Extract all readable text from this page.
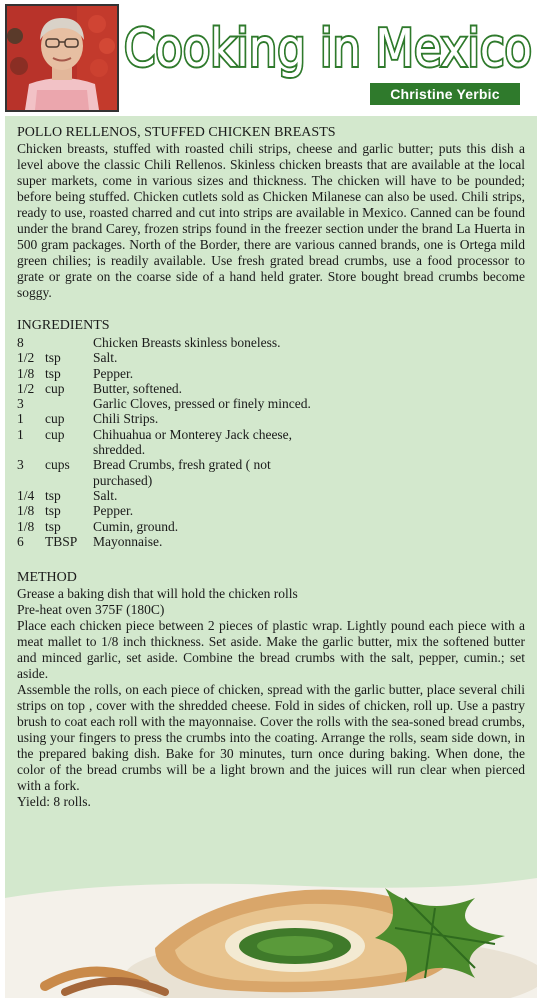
Cooking in Mexico
Cooking in Mexico
Christine Yerbic
POLLO RELLENOS, STUFFED CHICKEN BREASTS

Chicken breasts, stuffed with roasted chili strips, cheese and garlic butter; puts this dish a level above the classic Chili Rellenos. Skinless chicken breasts that are available at the local super markets, come in various sizes and thickness. The chicken will have to be pounded; before being stuffed. Chicken cutlets sold as Chicken Milanese can also be used. Chili strips, ready to use, roasted charred and cut into strips are available in Mexico. Canned can be found under the brand Carey, frozen strips found in the freezer section under the brand La Huerta in 500 gram packages. North of the Border, there are various canned brands, one is Ortega mild green chilies; is readily available. Use fresh grated bread crumbs, use a food processor to grate or grate on the coarse side of a hand held grater. Store bought bread crumbs become soggy.

INGREDIENTS
8		Chicken Breasts skinless boneless.
1/2	tsp	Salt.
1/8	tsp	Pepper.
1/2	cup	Butter, softened.
3		Garlic Cloves, pressed or finely minced.
1	cup	Chili Strips.
1	cup	Chihuahua or Monterey Jack cheese, shredded.
3	cups	Bread Crumbs, fresh grated ( not purchased)
1/4	tsp	Salt.
1/8	tsp	Pepper.
1/8	tsp	Cumin, ground.
6	TBSP	Mayonnaise.
METHOD

Grease a baking dish that will hold the chicken rolls

Pre-heat oven 375F (180C)

Place each chicken piece between 2 pieces of plastic wrap. Lightly pound each piece with a meat mallet to 1/8 inch thickness. Set aside. Make the garlic butter, mix the softened butter and minced garlic, set aside. Combine the bread crumbs with the salt, pepper, cumin.; set aside.

Assemble the rolls, on each piece of chicken, spread with the garlic butter, place several chili strips on top , cover with the shredded cheese. Fold in sides of chicken, roll up. Use a pastry brush to coat each roll with the mayonnaise. Cover the rolls with the sea-soned bread crumbs, using your fingers to press the crumbs into the coating. Arrange the rolls, seam side down, in the prepared baking dish. Bake for 30 minutes, turn once during baking. When done, the color of the bread crumbs will be a light brown and the juices will run clear when pierced with a fork.

Yield: 8 rolls.
